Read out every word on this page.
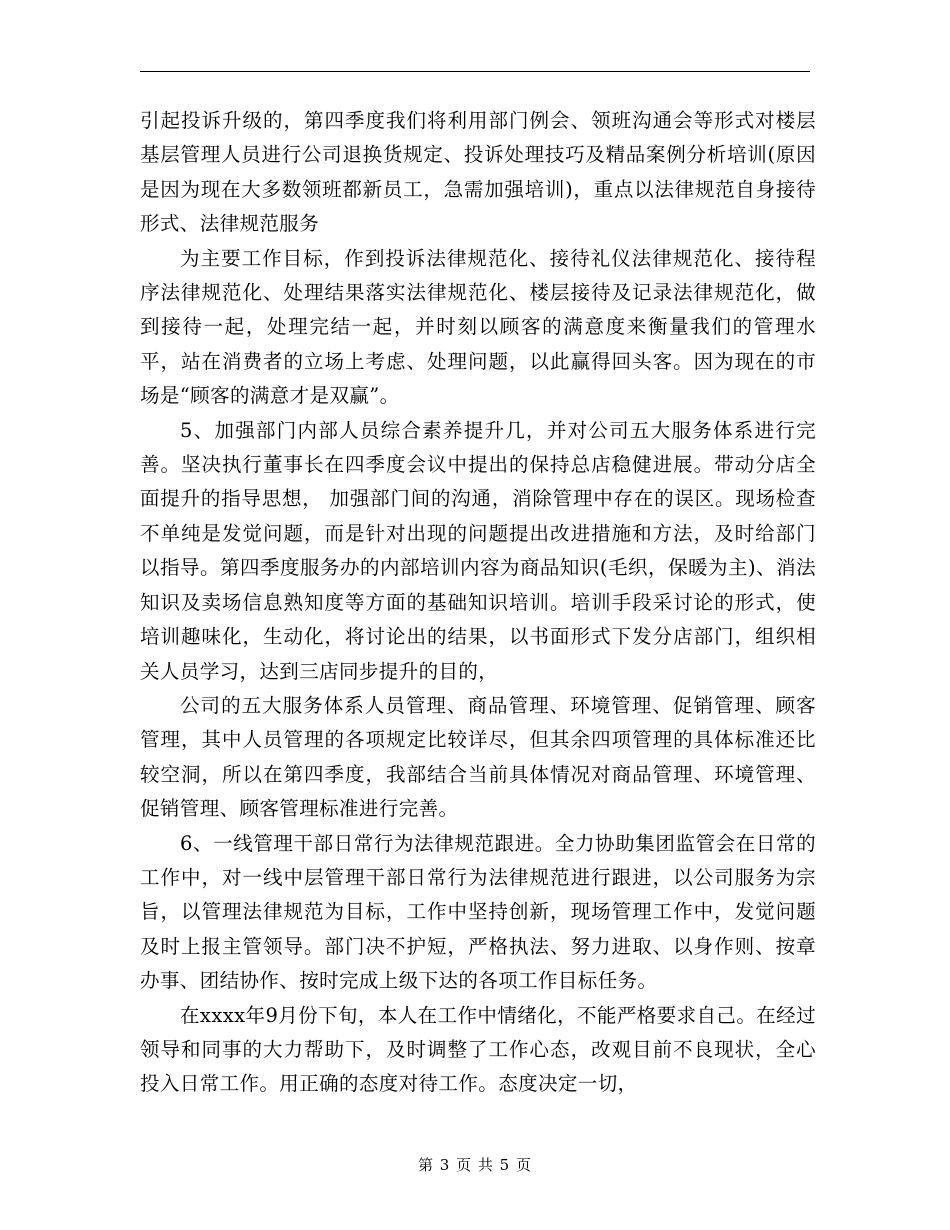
引起投诉升级的，第四季度我们将利用部门例会、领班沟通会等形式对楼层基层管理人员进行公司退换货规定、投诉处理技巧及精品案例分析培训(原因是因为现在大多数领班都新员工，急需加强培训)，重点以法律规范自身接待形式、法律规范服务

为主要工作目标，作到投诉法律规范化、接待礼仪法律规范化、接待程序法律规范化、处理结果落实法律规范化、楼层接待及记录法律规范化，做到接待一起，处理完结一起，并时刻以顾客的满意度来衡量我们的管理水平，站在消费者的立场上考虑、处理问题，以此赢得回头客。因为现在的市场是“顾客的满意才是双赢”。

5、加强部门内部人员综合素养提升几，并对公司五大服务体系进行完善。坚决执行董事长在四季度会议中提出的保持总店稳健进展。带动分店全面提升的指导思想， 加强部门间的沟通，消除管理中存在的误区。现场检查不单纯是发觉问题，而是针对出现的问题提出改进措施和方法，及时给部门以指导。第四季度服务办的内部培训内容为商品知识(毛织，保暖为主)、消法知识及卖场信息熟知度等方面的基础知识培训。培训手段采讨论的形式，使培训趣味化，生动化，将讨论出的结果，以书面形式下发分店部门，组织相关人员学习，达到三店同步提升的目的，

公司的五大服务体系人员管理、商品管理、环境管理、促销管理、顾客管理，其中人员管理的各项规定比较详尽，但其余四项管理的具体标准还比较空洞，所以在第四季度，我部结合当前具体情况对商品管理、环境管理、促销管理、顾客管理标准进行完善。

6、一线管理干部日常行为法律规范跟进。全力协助集团监管会在日常的工作中，对一线中层管理干部日常行为法律规范进行跟进，以公司服务为宗旨，以管理法律规范为目标，工作中坚持创新，现场管理工作中，发觉问题及时上报主管领导。部门决不护短，严格执法、努力进取、以身作则、按章办事、团结协作、按时完成上级下达的各项工作目标任务。

在xxxx年9月份下旬，本人在工作中情绪化，不能严格要求自己。在经过领导和同事的大力帮助下，及时调整了工作心态，改观目前不良现状，全心投入日常工作。用正确的态度对待工作。态度决定一切，

第 3 页 共 5 页
